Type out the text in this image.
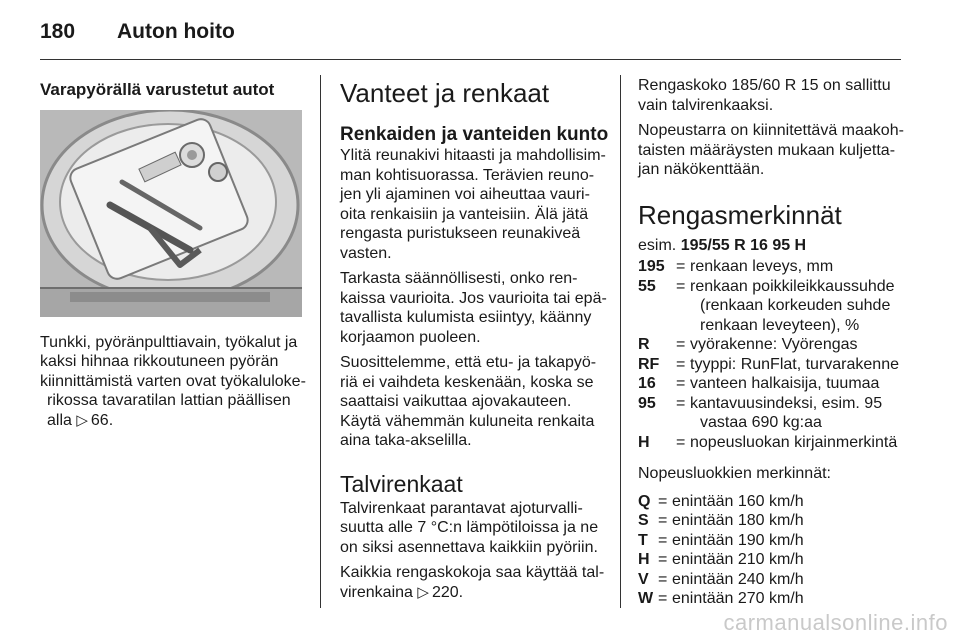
180 Auton hoito

Varapyörällä varustetut autot

Tunkki, pyöränpulttiavain, työkalut ja

kaksi hihnaa rikkoutuneen pyörän

kiinnittämistä varten ovat työkaluloke-

rikossa tavaratilan lattian päällisen

alla ▷ 66.

Vanteet ja renkaat

Renkaiden ja vanteiden kunto

Ylitä reunakivi hitaasti ja mahdollisim-

man kohtisuorassa. Terävien reuno-

jen yli ajaminen voi aiheuttaa vauri-

oita renkaisiin ja vanteisiin. Älä jätä

rengasta puristukseen reunakiveä

vasten.

Tarkasta säännöllisesti, onko ren-

kaissa vaurioita. Jos vaurioita tai epä-

tavallista kulumista esiintyy, käänny

korjaamon puoleen.

Suosittelemme, että etu- ja takapyö-

riä ei vaihdeta keskenään, koska se

saattaisi vaikuttaa ajovakauteen.

Käytä vähemmän kuluneita renkaita

aina taka-akselilla.

Talvirenkaat

Talvirenkaat parantavat ajoturvalli-

suutta alle 7 °C:n lämpötiloissa ja ne

on siksi asennettava kaikkiin pyöriin.

Kaikkia rengaskokoja saa käyttää tal-

virenkaina ▷ 220.

Rengaskoko 185/60 R 15 on sallittu

vain talvirenkaaksi.

Nopeustarra on kiinnitettävä maakoh-

taisten määräysten mukaan kuljetta-

jan näkökenttään.

Rengasmerkinnät

esim. 195/55 R 16 95 H

195 = renkaan leveys, mm
55	= renkaan poikkileikkaussuhde
(renkaan korkeuden suhde
renkaan leveyteen), %
R	= vyörakenne: Vyörengas
RF	= tyyppi: RunFlat, turvarakenne
16	= vanteen halkaisija, tuumaa
95	= kantavuusindeksi, esim. 95
vastaa 690 kg:aa
H	= nopeusluokan kirjainmerkintä

Nopeusluokkien merkinnät:

Q = enintään 160 km/h
S = enintään 180 km/h
T = enintään 190 km/h
H = enintään 210 km/h
V = enintään 240 km/h
W = enintään 270 km/h
carmanualsonline.info
